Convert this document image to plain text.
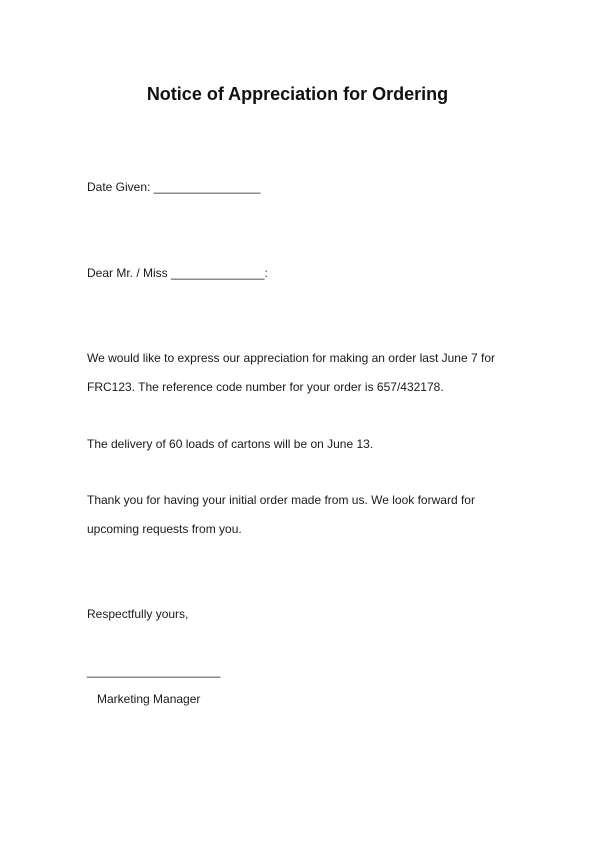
Notice of Appreciation for Ordering
Date Given: ________________
Dear Mr. / Miss ______________:
We would like to express our appreciation for making an order last June 7 for
FRC123. The reference code number for your order is 657/432178.
The delivery of 60 loads of cartons will be on June 13.
Thank you for having your initial order made from us. We look forward for
upcoming requests from you.
Respectfully yours,
____________________
Marketing Manager
